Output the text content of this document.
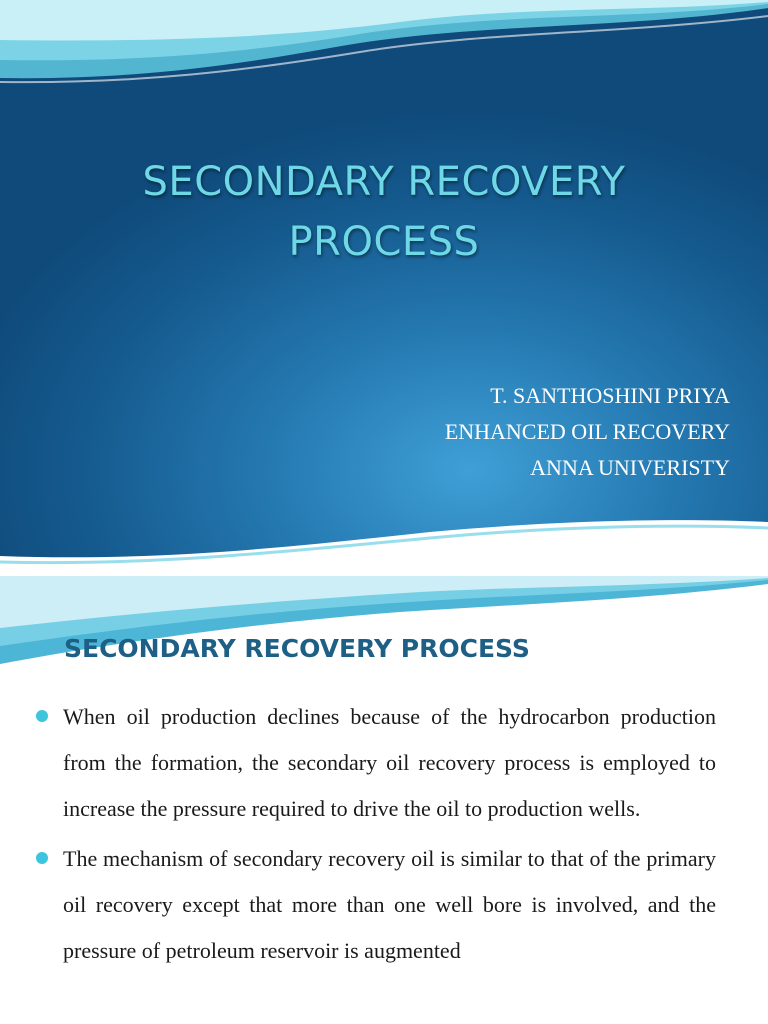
SECONDARY RECOVERY
PROCESS
T. SANTHOSHINI PRIYA
ENHANCED OIL RECOVERY
ANNA UNIVERISTY
SECONDARY RECOVERY PROCESS
When oil production declines because of the hydrocarbon production from the formation, the secondary oil recovery process is employed to increase the pressure required to drive the oil to production wells.
The mechanism of secondary recovery oil is similar to that of the primary oil recovery except that more than one well bore is involved, and the pressure of petroleum reservoir is augmented
